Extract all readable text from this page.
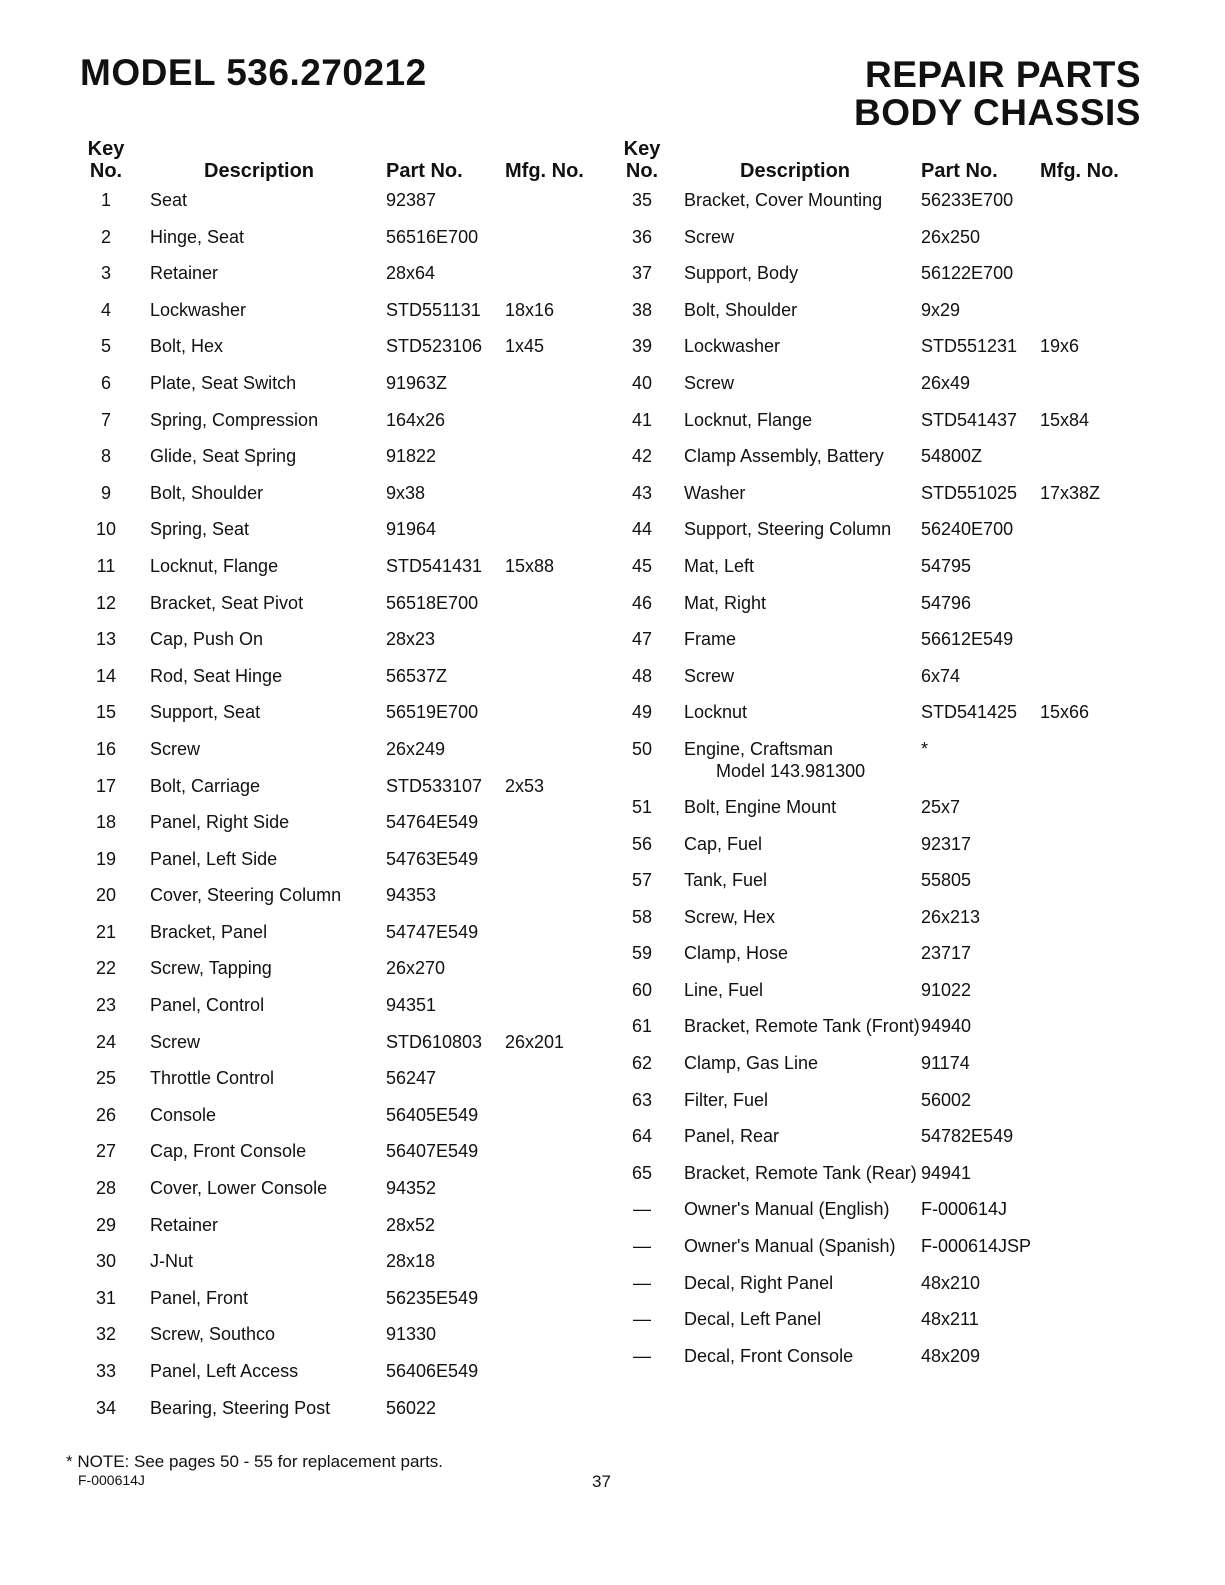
MODEL 536.270212	REPAIR PARTS
BODY CHASSIS
Key
No.	Description	Part No. Mfg. No.
1	Seat	92387
2	Hinge, Seat	56516E700
3	Retainer	28x64
4	Lockwasher	STD551131 18x16
5	Bolt, Hex	STD523106 1x45
6	Plate, Seat Switch	91963Z
7	Spring, Compression	164x26
8	Glide, Seat Spring	91822
9	Bolt, Shoulder	9x38
10	Spring, Seat	91964
11	Locknut, Flange	STD541431 15x88
12	Bracket, Seat Pivot	56518E700
13	Cap, Push On	28x23
14	Rod, Seat Hinge	56537Z
15	Support, Seat	56519E700
16	Screw	26x249
17	Bolt, Carriage	STD533107 2x53
18	Panel, Right Side	54764E549
19	Panel, Left Side	54763E549
20	Cover, Steering Column 94353
21	Bracket, Panel	54747E549
22	Screw, Tapping	26x270
23	Panel, Control	94351
24	Screw	STD610803 26x201
25	Throttle Control	56247
26	Console	56405E549
27	Cap, Front Console	56407E549
28	Cover, Lower Console	94352
29	Retainer	28x52
30	J-Nut	28x18
31	Panel, Front	56235E549
32	Screw, Southco	91330
33	Panel, Left Access	56406E549
34	Bearing, Steering Post	56022
Key
No.	Description	Part No. Mfg. No.
35	Bracket, Cover Mounting 56233E700
36	Screw	26x250
37	Support, Body	56122E700
38	Bolt, Shoulder	9x29
39	Lockwasher	STD551231 19x6
40	Screw	26x49
41	Locknut, Flange	STD541437 15x84
42	Clamp Assembly, Battery 54800Z
43	Washer	STD551025 17x38Z
44	Support, Steering Column 56240E700
45	Mat, Left	54795
46	Mat, Right	54796
47	Frame	56612E549
48	Screw	6x74
49	Locknut	STD541425 15x66
50	Engine, Craftsman	*
Model 143.981300
51	Bolt, Engine Mount	25x7
56	Cap, Fuel	92317
57	Tank, Fuel	55805
58	Screw, Hex	26x213
59	Clamp, Hose	23717
60	Line, Fuel	91022
61	Bracket, Remote Tank (Front) 94940
62	Clamp, Gas Line	91174
63	Filter, Fuel	56002
64	Panel, Rear	54782E549
65	Bracket, Remote Tank (Rear) 94941
—	Owner's Manual (English) F-000614J
—	Owner's Manual (Spanish) F-000614JSP
—	Decal, Right Panel	48x210
—	Decal, Left Panel	48x211
—	Decal, Front Console	48x209
* NOTE: See pages 50 - 55 for replacement parts.
F-000614J	37
